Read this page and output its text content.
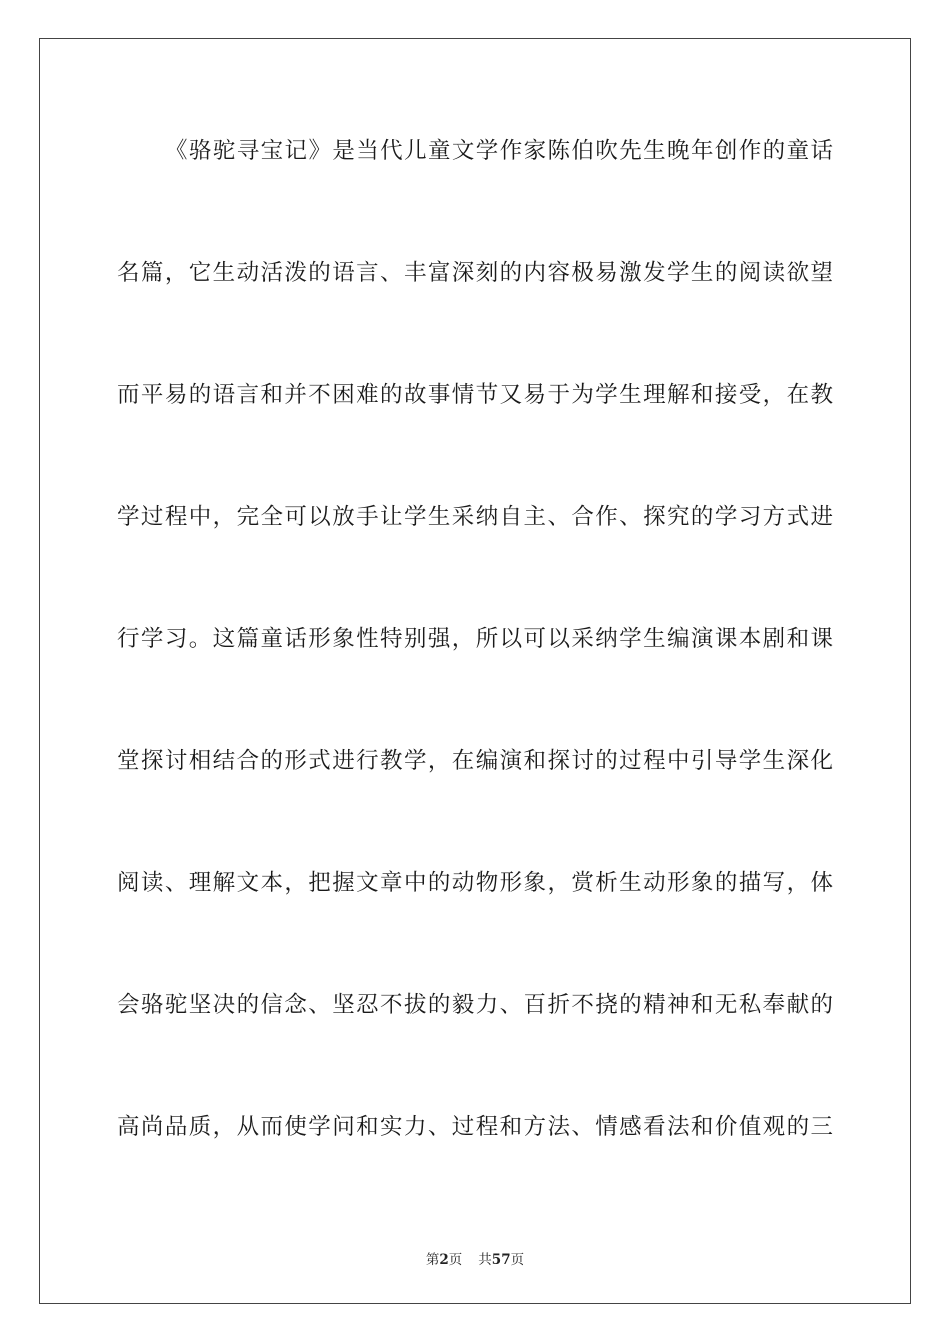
《骆驼寻宝记》是当代儿童文学作家陈伯吹先生晚年创作的童话
名篇，它生动活泼的语言、丰富深刻的内容极易激发学生的阅读欲望
而平易的语言和并不困难的故事情节又易于为学生理解和接受，在教
学过程中，完全可以放手让学生采纳自主、合作、探究的学习方式进
行学习。这篇童话形象性特别强，所以可以采纳学生编演课本剧和课
堂探讨相结合的形式进行教学，在编演和探讨的过程中引导学生深化
阅读、理解文本，把握文章中的动物形象，赏析生动形象的描写，体
会骆驼坚决的信念、坚忍不拔的毅力、百折不挠的精神和无私奉献的
高尚品质，从而使学问和实力、过程和方法、情感看法和价值观的三
第2页 共57页
